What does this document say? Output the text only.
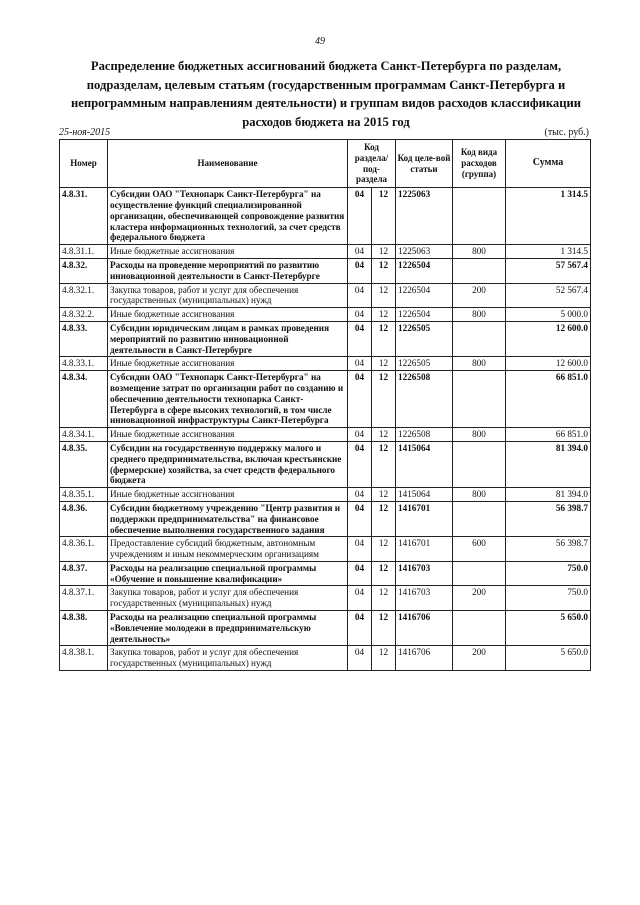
49
Распределение бюджетных ассигнований бюджета Санкт-Петербурга по разделам, подразделам, целевым статьям (государственным программам Санкт-Петербурга и непрограммным направлениям деятельности) и группам видов расходов классификации расходов бюджета на 2015 год
25-ноя-2015	(тыс. руб.)
Номер	Наименование	Код раздела/ под-раздела		Код целе-вой статьи	Код вида расходов (группа)	Сумма
4.8.31.	Субсидии ОАО "Технопарк Санкт-Петербурга" на осуществление функций специализированной организации, обеспечивающей сопровождение развития кластера информационных технологий, за счет средств федерального бюджета	04	12	1225063		1 314.5
4.8.31.1.	Иные бюджетные ассигнования	04	12	1225063	800	1 314.5
4.8.32.	Расходы на проведение мероприятий по развитию инновационной деятельности в Санкт-Петербурге	04	12	1226504		57 567.4
4.8.32.1.	Закупка товаров, работ и услуг для обеспечения государственных (муниципальных) нужд	04	12	1226504	200	52 567.4
4.8.32.2.	Иные бюджетные ассигнования	04	12	1226504	800	5 000.0
4.8.33.	Субсидии юридическим лицам в рамках проведения мероприятий по развитию инновационной деятельности в Санкт-Петербурге	04	12	1226505		12 600.0
4.8.33.1.	Иные бюджетные ассигнования	04	12	1226505	800	12 600.0
4.8.34.	Субсидии ОАО "Технопарк Санкт-Петербурга" на возмещение затрат по организации работ по созданию и обеспечению деятельности технопарка Санкт-Петербурга в сфере высоких технологий, в том числе инновационной инфраструктуры Санкт-Петербурга	04	12	1226508		66 851.0
4.8.34.1.	Иные бюджетные ассигнования	04	12	1226508	800	66 851.0
4.8.35.	Субсидии на государственную поддержку малого и среднего предпринимательства, включая крестьянские (фермерские) хозяйства, за счет средств федерального бюджета	04	12	1415064		81 394.0
4.8.35.1.	Иные бюджетные ассигнования	04	12	1415064	800	81 394.0
4.8.36.	Субсидии бюджетному учреждению "Центр развития и поддержки предпринимательства" на финансовое обеспечение выполнения государственного задания	04	12	1416701		56 398.7
4.8.36.1.	Предоставление субсидий бюджетным, автономным учреждениям и иным некоммерческим организациям	04	12	1416701	600	56 398.7
4.8.37.	Расходы на реализацию специальной программы «Обучение и повышение квалификации»	04	12	1416703		750.0
4.8.37.1.	Закупка товаров, работ и услуг для обеспечения государственных (муниципальных) нужд	04	12	1416703	200	750.0
4.8.38.	Расходы на реализацию специальной программы «Вовлечение молодежи в предпринимательскую деятельность»	04	12	1416706		5 650.0
4.8.38.1.	Закупка товаров, работ и услуг для обеспечения государственных (муниципальных) нужд	04	12	1416706	200	5 650.0
